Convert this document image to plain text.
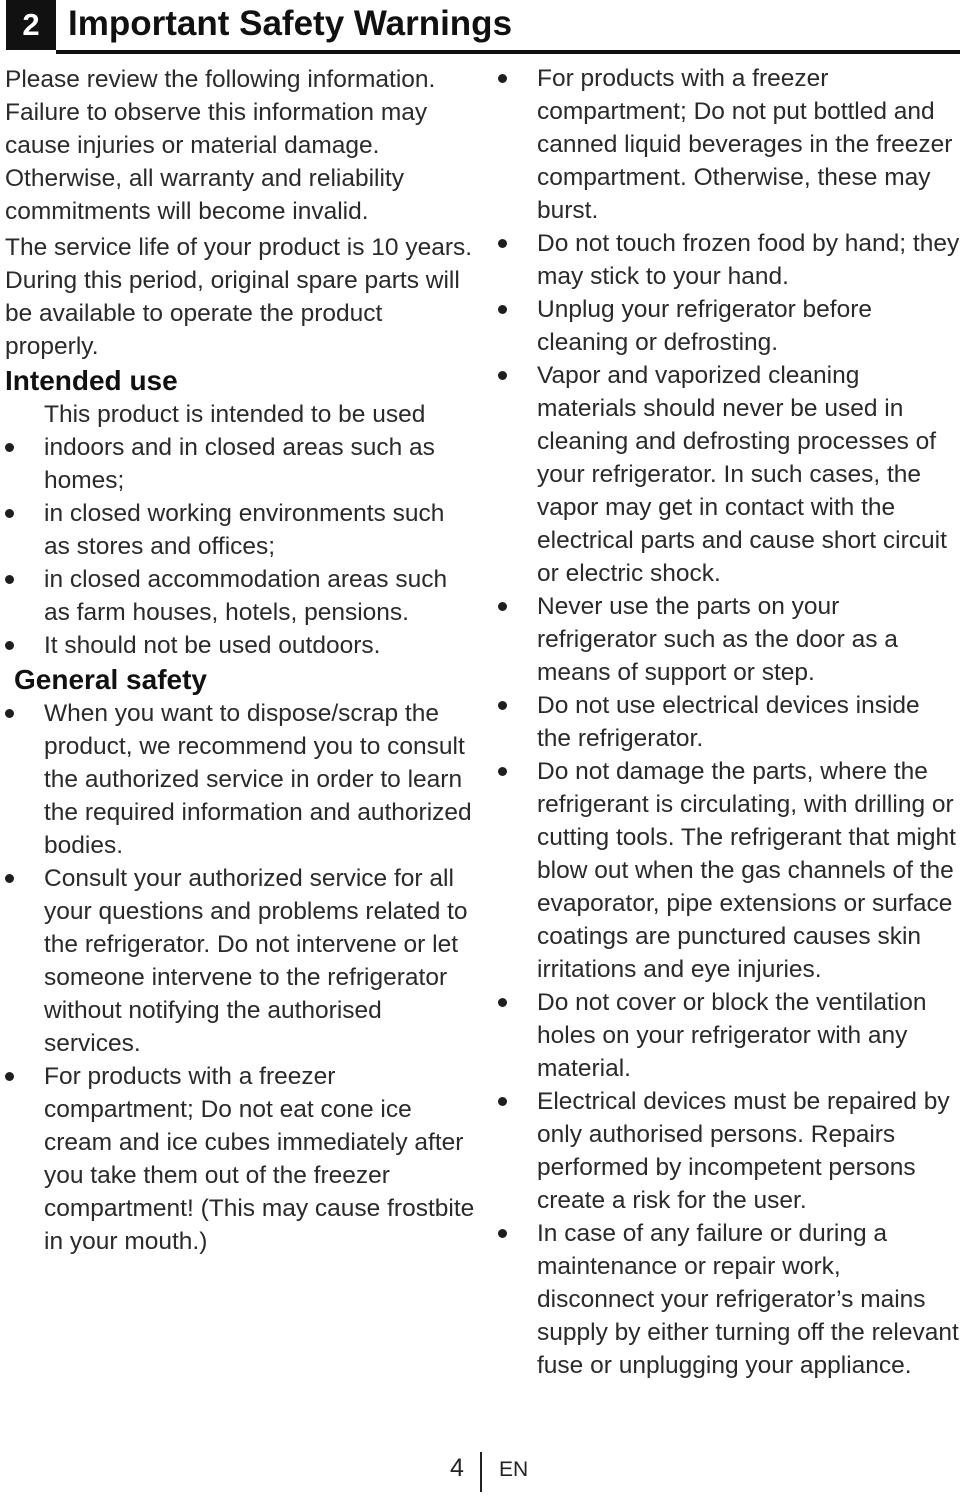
2 Important Safety Warnings

Please review the following information. Failure to observe this information may cause injuries or material damage. Otherwise, all warranty and reliability commitments will become invalid.

The service life of your product is 10 years. During this period, original spare parts will be available to operate the product properly.

Intended use

This product is intended to be used

indoors and in closed areas such as homes;
in closed working environments such as stores and offices;
in closed accommodation areas such as farm houses, hotels, pensions.
It should not be used outdoors.

General safety

When you want to dispose/scrap the product, we recommend you to consult the authorized service in order to learn the required information and authorized bodies.
Consult your authorized service for all your questions and problems related to the refrigerator. Do not intervene or let someone intervene to the refrigerator without notifying the authorised services.
For products with a freezer compartment; Do not eat cone ice cream and ice cubes immediately after you take them out of the freezer compartment! (This may cause frostbite in your mouth.)
For products with a freezer compartment; Do not put bottled and canned liquid beverages in the freezer compartment. Otherwise, these may burst.
Do not touch frozen food by hand; they may stick to your hand.
Unplug your refrigerator before cleaning or defrosting.
Vapor and vaporized cleaning materials should never be used in cleaning and defrosting processes of your refrigerator. In such cases, the vapor may get in contact with the electrical parts and cause short circuit or electric shock.
Never use the parts on your refrigerator such as the door as a means of support or step.
Do not use electrical devices inside the refrigerator.
Do not damage the parts, where the refrigerant is circulating, with drilling or cutting tools. The refrigerant that might blow out when the gas channels of the evaporator, pipe extensions or surface coatings are punctured causes skin irritations and eye injuries.
Do not cover or block the ventilation holes on your refrigerator with any material.
Electrical devices must be repaired by only authorised persons. Repairs performed by incompetent persons create a risk for the user.
In case of any failure or during a maintenance or repair work, disconnect your refrigerator’s mains supply by either turning off the relevant fuse or unplugging your appliance.
4 EN
